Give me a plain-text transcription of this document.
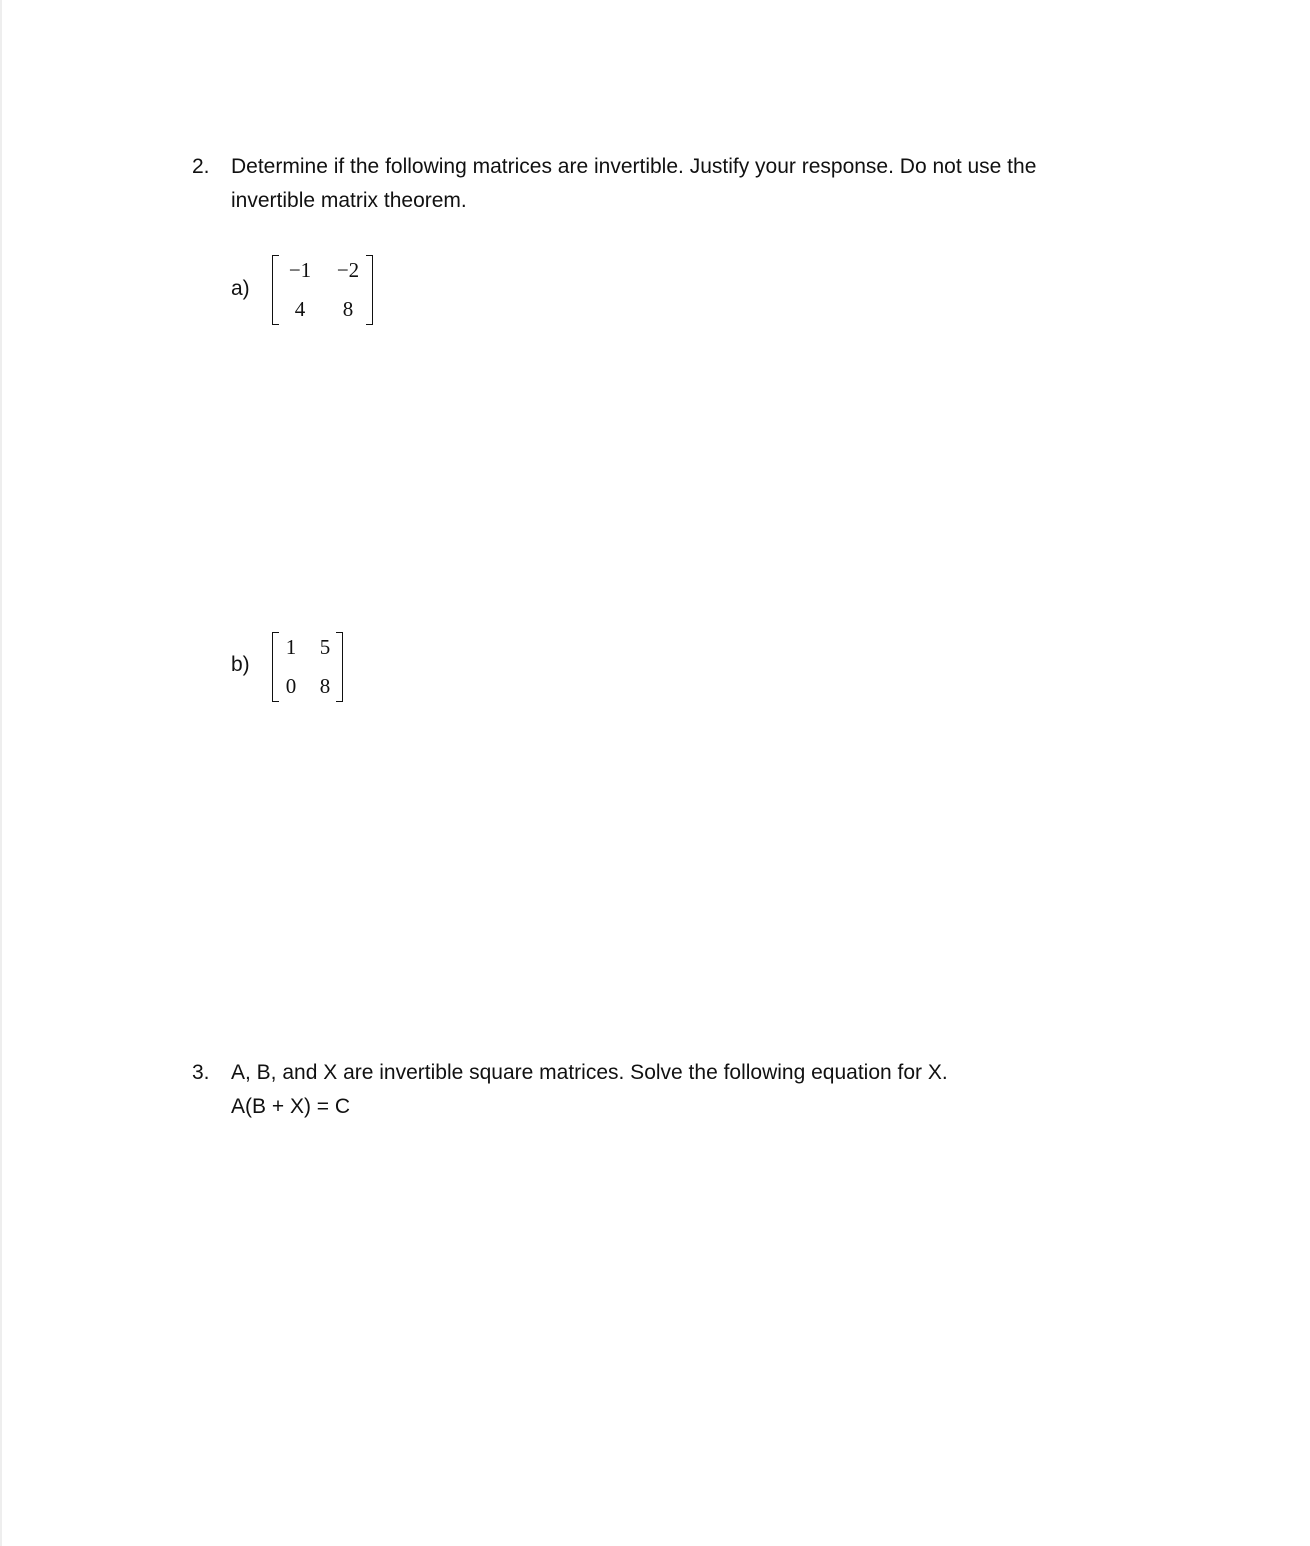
2. Determine if the following matrices are invertible. Justify your response. Do not use the
invertible matrix theorem.
a)
−1	−2
4	8
b)
1 5
0 8
3. A, B, and X are invertible square matrices. Solve the following equation for X.
A(B + X) = C
